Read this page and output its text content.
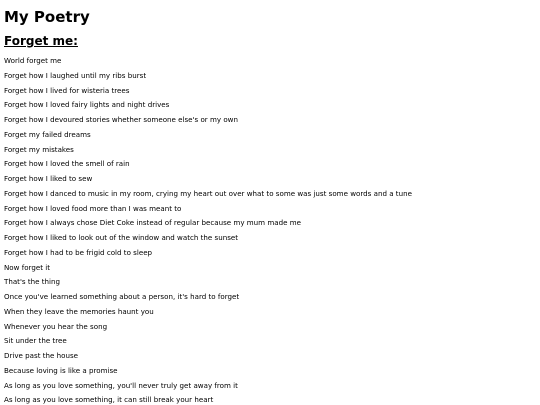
My Poetry
Forget me:
World forget me
Forget how I laughed until my ribs burst
Forget how I lived for wisteria trees
Forget how I loved fairy lights and night drives
Forget how I devoured stories whether someone else's or my own
Forget my failed dreams
Forget my mistakes
Forget how I loved the smell of rain
Forget how I liked to sew
Forget how I danced to music in my room, crying my heart out over what to some was just some words and a tune
Forget how I loved food more than I was meant to
Forget how I always chose Diet Coke instead of regular because my mum made me
Forget how I liked to look out of the window and watch the sunset
Forget how I had to be frigid cold to sleep
Now forget it
That's the thing
Once you've learned something about a person, it's hard to forget
When they leave the memories haunt you
Whenever you hear the song
Sit under the tree
Drive past the house
Because loving is like a promise
As long as you love something, you'll never truly get away from it
As long as you love something, it can still break your heart
